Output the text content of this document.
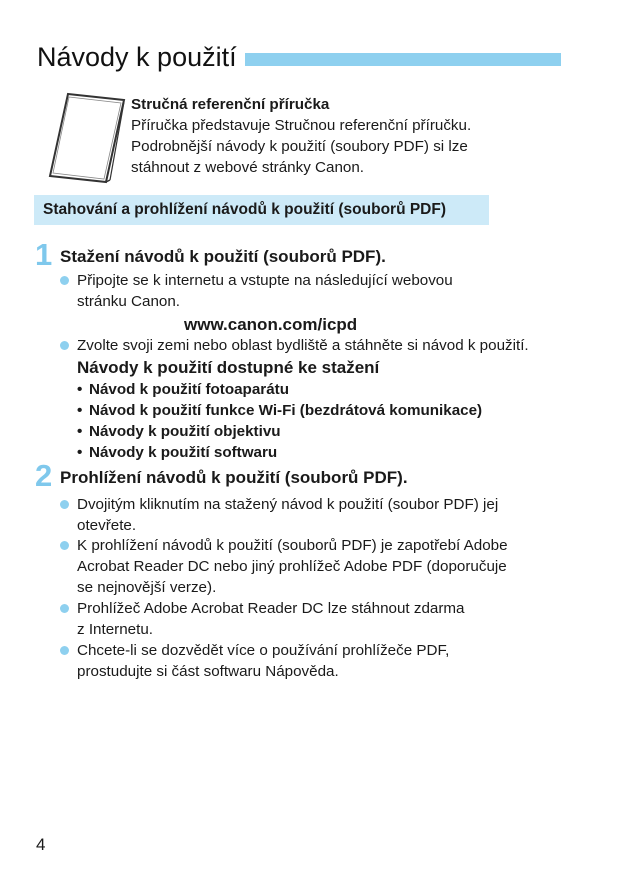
Návody k použití
Stručná referenční příručka
Příručka představuje Stručnou referenční příručku.
Podrobnější návody k použití (soubory PDF) si lze
stáhnout z webové stránky Canon.
Stahování a prohlížení návodů k použití (souborů PDF)
1 Stažení návodů k použití (souborů PDF).
Připojte se k internetu a vstupte na následující webovou
stránku Canon.
www.canon.com/icpd
Zvolte svoji zemi nebo oblast bydliště a stáhněte si návod k použití.
Návody k použití dostupné ke stažení
• Návod k použití fotoaparátu
• Návod k použití funkce Wi-Fi (bezdrátová komunikace)
• Návody k použití objektivu
• Návody k použití softwaru
2 Prohlížení návodů k použití (souborů PDF).
Dvojitým kliknutím na stažený návod k použití (soubor PDF) jej
otevřete.
K prohlížení návodů k použití (souborů PDF) je zapotřebí Adobe
Acrobat Reader DC nebo jiný prohlížeč Adobe PDF (doporučuje
se nejnovější verze).
Prohlížeč Adobe Acrobat Reader DC lze stáhnout zdarma
z Internetu.
Chcete-li se dozvědět více o používání prohlížeče PDF,
prostudujte si část softwaru Nápověda.
4
